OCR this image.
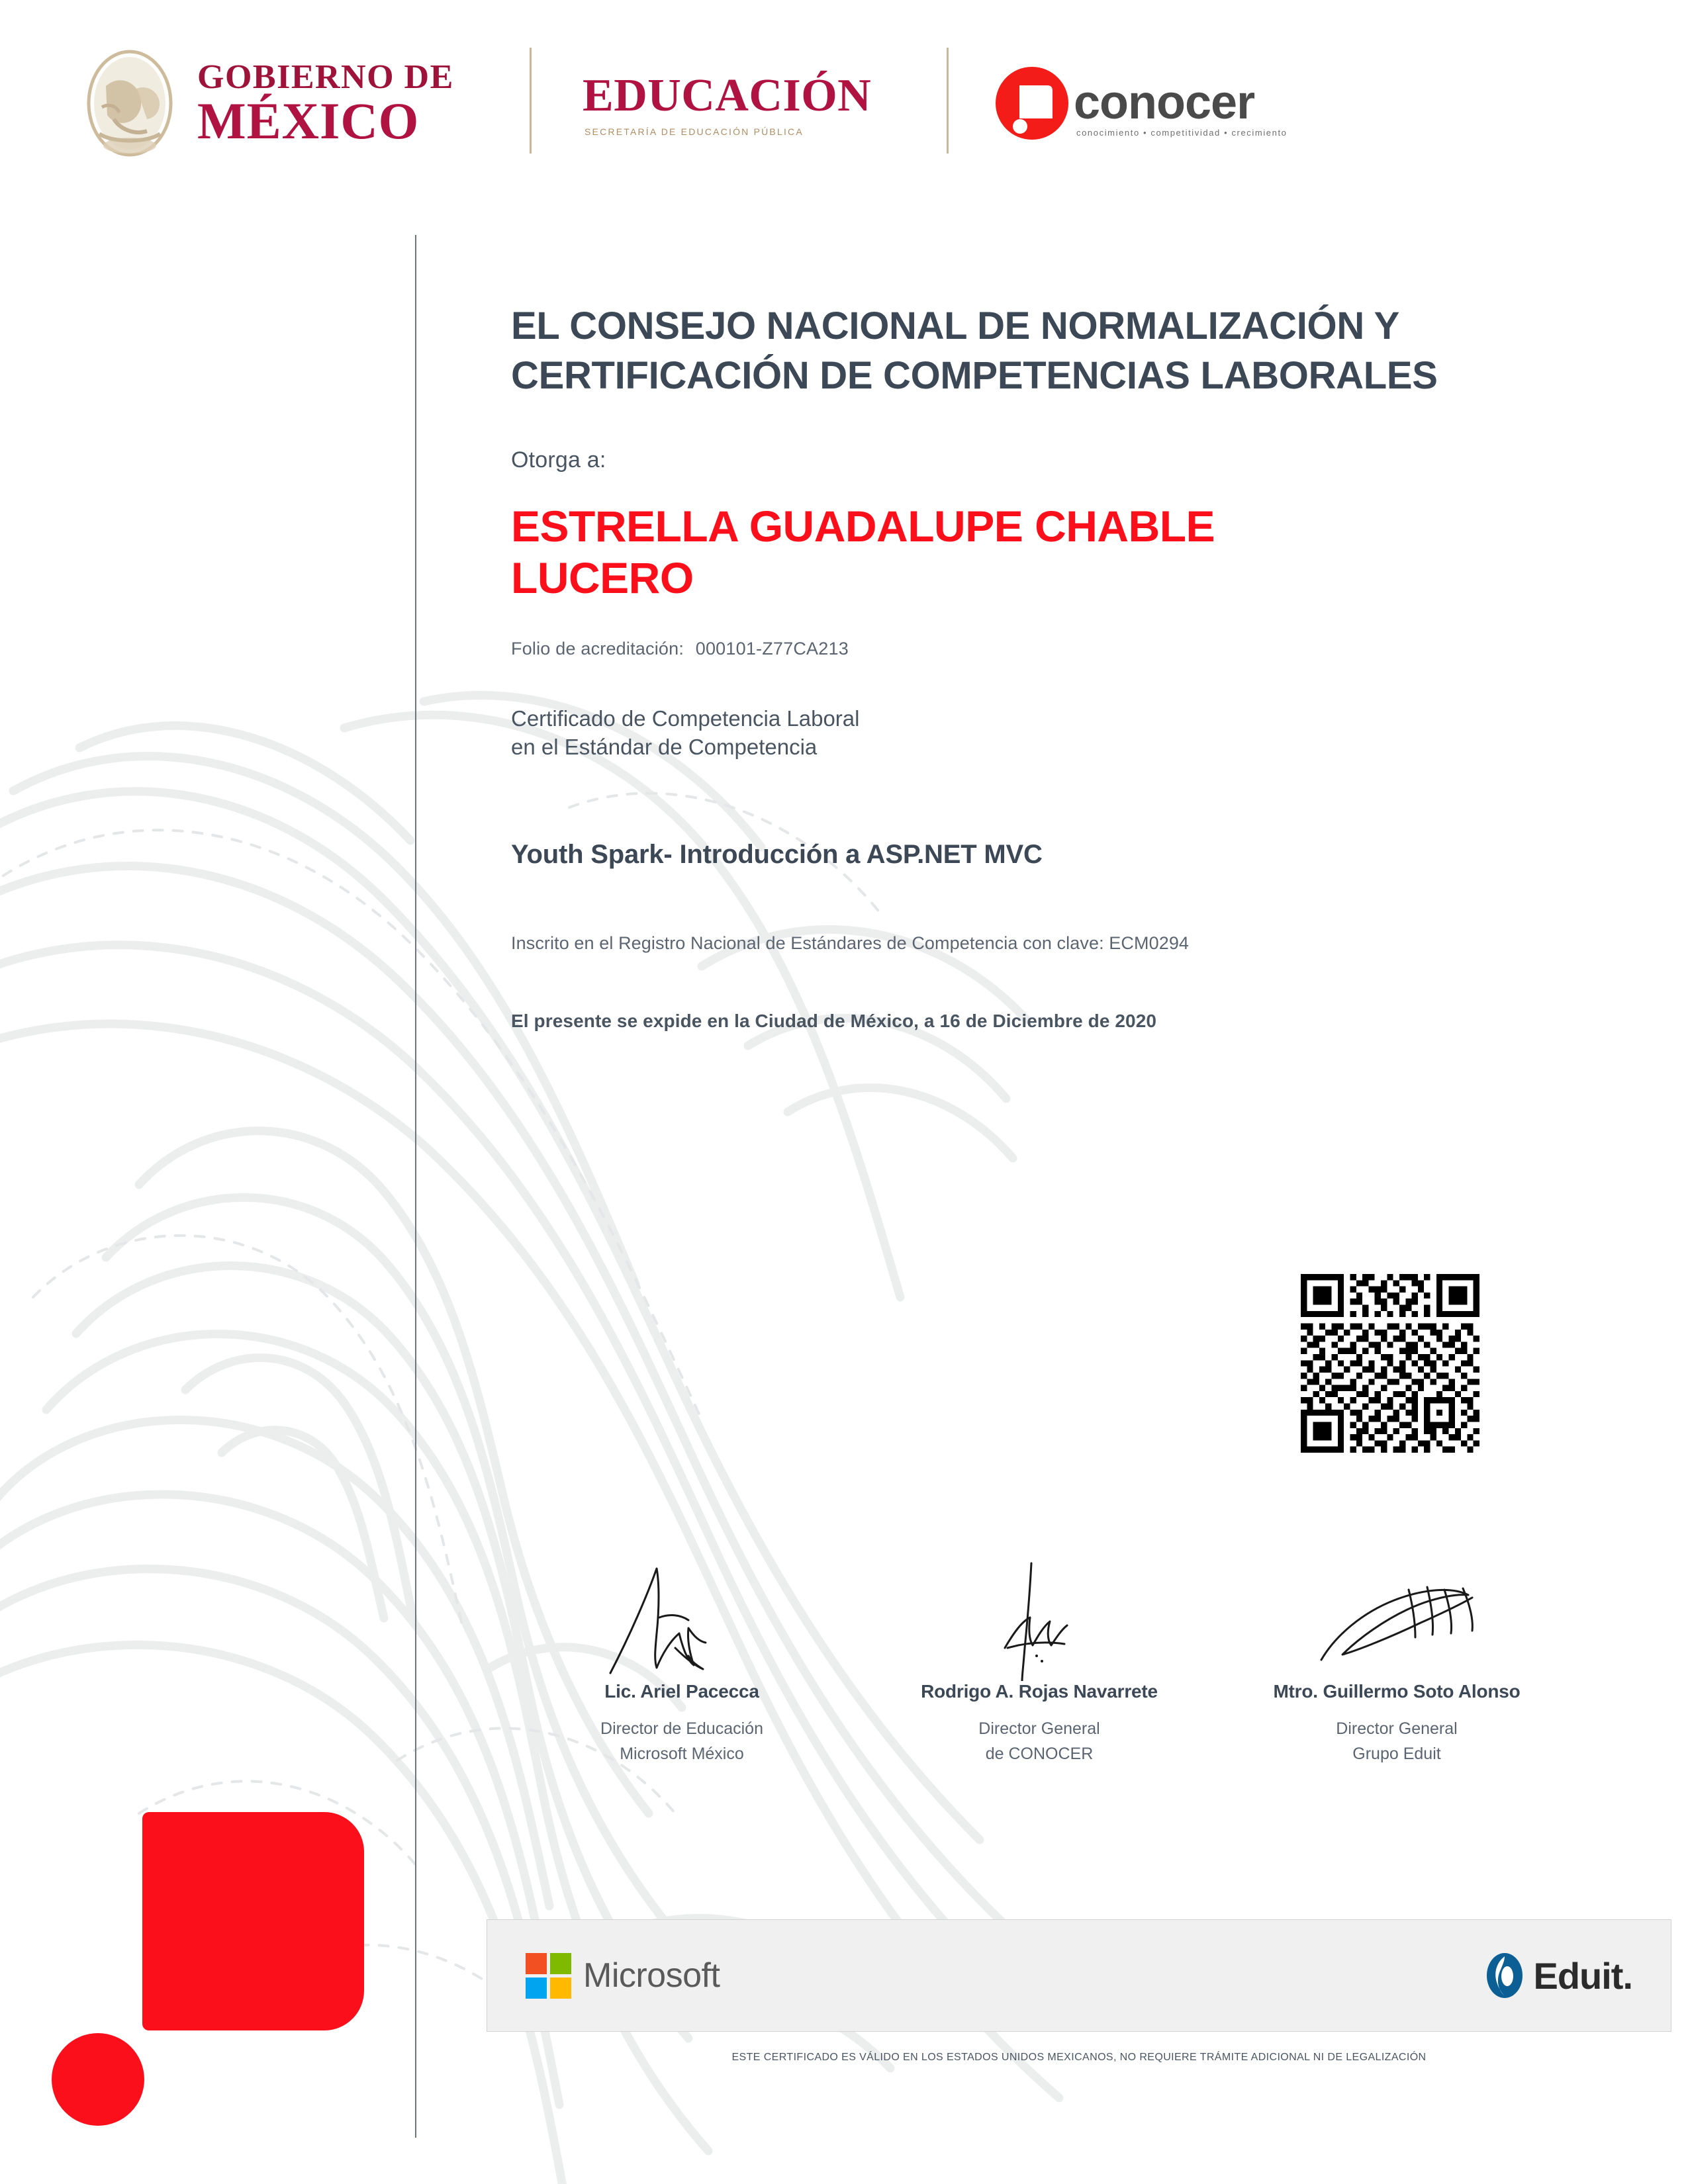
GOBIERNO DE
MÉXICO	EDUCACIÓN
SECRETARÍA DE EDUCACIÓN PÚBLICA
conocer
conocimiento • competitividad • crecimiento
EL CONSEJO NACIONAL DE NORMALIZACIÓN Y CERTIFICACIÓN DE COMPETENCIAS LABORALES
Otorga a:
ESTRELLA GUADALUPE CHABLE LUCERO
Folio de acreditación: 000101-Z77CA213
Certificado de Competencia Laboral
en el Estándar de Competencia
Youth Spark- Introducción a ASP.NET MVC
Inscrito en el Registro Nacional de Estándares de Competencia con clave: ECM0294
El presente se expide en la Ciudad de México, a 16 de Diciembre de 2020
Lic. Ariel Pacecca
Director de Educación
Microsoft México
Rodrigo A. Rojas Navarrete
Director General
de CONOCER
Mtro. Guillermo Soto Alonso
Director General
Grupo Eduit
Microsoft	Eduit.
ESTE CERTIFICADO ES VÁLIDO EN LOS ESTADOS UNIDOS MEXICANOS, NO REQUIERE TRÁMITE ADICIONAL NI DE LEGALIZACIÓN
